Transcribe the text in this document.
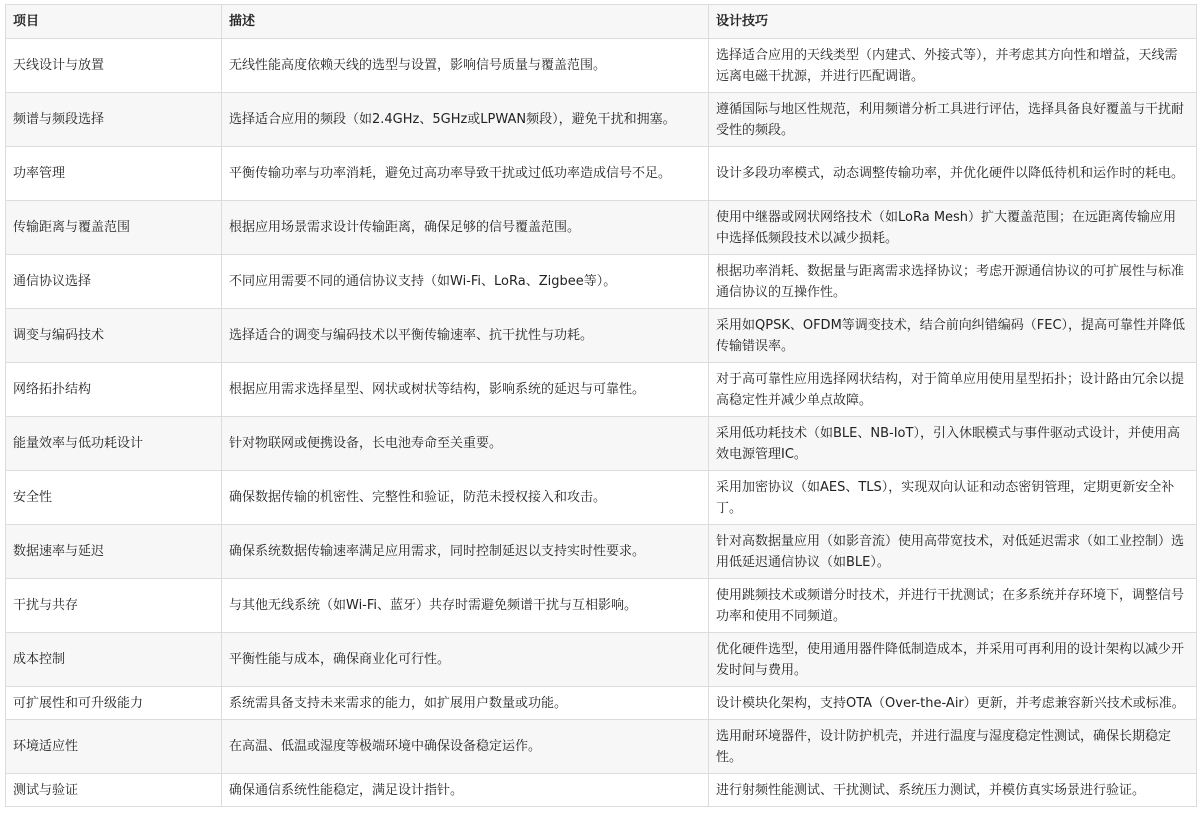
项目	描述	设计技巧
天线设计与放置	无线性能高度依赖天线的选型与设置，影响信号质量与覆盖范围。	选择适合应用的天线类型（内建式、外接式等），并考虑其方向性和增益，天线需远离电磁干扰源，并进行匹配调谐。
频谱与频段选择	选择适合应用的频段（如2.4GHz、5GHz或LPWAN频段），避免干扰和拥塞。	遵循国际与地区性规范，利用频谱分析工具进行评估，选择具备良好覆盖与干扰耐受性的频段。
功率管理	平衡传输功率与功率消耗，避免过高功率导致干扰或过低功率造成信号不足。	设计多段功率模式，动态调整传输功率，并优化硬件以降低待机和运作时的耗电。
传输距离与覆盖范围	根据应用场景需求设计传输距离，确保足够的信号覆盖范围。	使用中继器或网状网络技术（如LoRa Mesh）扩大覆盖范围；在远距离传输应用中选择低频段技术以减少损耗。
通信协议选择	不同应用需要不同的通信协议支持（如Wi-Fi、LoRa、Zigbee等）。	根据功率消耗、数据量与距离需求选择协议；考虑开源通信协议的可扩展性与标准通信协议的互操作性。
调变与编码技术	选择适合的调变与编码技术以平衡传输速率、抗干扰性与功耗。	采用如QPSK、OFDM等调变技术，结合前向纠错编码（FEC），提高可靠性并降低传输错误率。
网络拓扑结构	根据应用需求选择星型、网状或树状等结构，影响系统的延迟与可靠性。	对于高可靠性应用选择网状结构，对于简单应用使用星型拓扑；设计路由冗余以提高稳定性并减少单点故障。
能量效率与低功耗设计	针对物联网或便携设备，长电池寿命至关重要。	采用低功耗技术（如BLE、NB-IoT），引入休眠模式与事件驱动式设计，并使用高效电源管理IC。
安全性	确保数据传输的机密性、完整性和验证，防范未授权接入和攻击。	采用加密协议（如AES、TLS），实现双向认证和动态密钥管理，定期更新安全补丁。
数据速率与延迟	确保系统数据传输速率满足应用需求，同时控制延迟以支持实时性要求。	针对高数据量应用（如影音流）使用高带宽技术，对低延迟需求（如工业控制）选用低延迟通信协议（如BLE）。
干扰与共存	与其他无线系统（如Wi-Fi、蓝牙）共存时需避免频谱干扰与互相影响。	使用跳频技术或频谱分时技术，并进行干扰测试；在多系统并存环境下，调整信号功率和使用不同频道。
成本控制	平衡性能与成本，确保商业化可行性。	优化硬件选型，使用通用器件降低制造成本，并采用可再利用的设计架构以减少开发时间与费用。
可扩展性和可升级能力	系统需具备支持未来需求的能力，如扩展用户数量或功能。	设计模块化架构，支持OTA（Over-the-Air）更新，并考虑兼容新兴技术或标准。
环境适应性	在高温、低温或湿度等极端环境中确保设备稳定运作。	选用耐环境器件，设计防护机壳，并进行温度与湿度稳定性测试，确保长期稳定性。
测试与验证	确保通信系统性能稳定，满足设计指针。	进行射频性能测试、干扰测试、系统压力测试，并模仿真实场景进行验证。
